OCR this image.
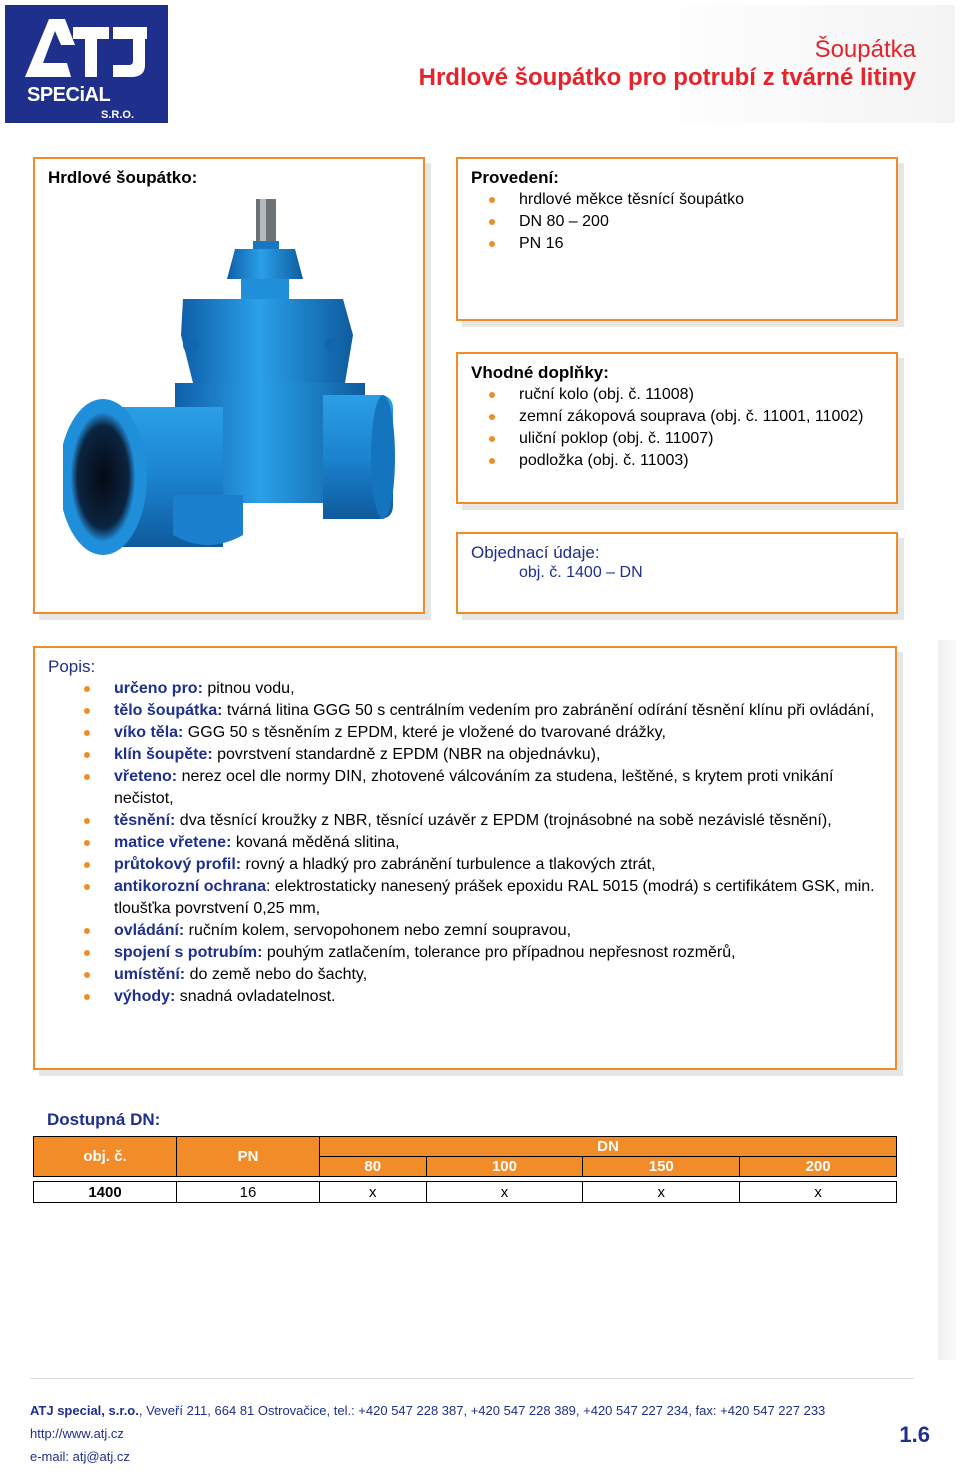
SPECiAL
S.R.O.
Šoupátka
Hrdlové šoupátko pro potrubí z tvárné litiny
Hrdlové šoupátko:	Provedení:
hrdlové měkce těsnící šoupátko
DN 80 – 200
PN 16
Vhodné doplňky:
ruční kolo (obj. č. 11008)
zemní zákopová souprava (obj. č. 11001, 11002)
uliční poklop (obj. č. 11007)
podložka (obj. č. 11003)
Objednací údaje:
obj. č. 1400 – DN
Popis:
určeno pro: pitnou vodu,
tělo šoupátka: tvárná litina GGG 50 s centrálním vedením pro zabránění odírání těsnění klínu při ovládání,
víko těla: GGG 50 s těsněním z EPDM, které je vložené do tvarované drážky,
klín šoupěte: povrstvení standardně z EPDM (NBR na objednávku),
vřeteno: nerez ocel dle normy DIN, zhotovené válcováním za studena, leštěné, s krytem proti vnikání nečistot,
těsnění: dva těsnící kroužky z NBR, těsnící uzávěr z EPDM (trojnásobné na sobě nezávislé těsnění),
matice vřetene: kovaná měděná slitina,
průtokový profil: rovný a hladký pro zabránění turbulence a tlakových ztrát,
antikorozní ochrana: elektrostaticky nanesený prášek epoxidu RAL 5015 (modrá) s certifikátem GSK, min. tloušťka povrstvení 0,25 mm,
ovládání: ručním kolem, servopohonem nebo zemní soupravou,
spojení s potrubím: pouhým zatlačením, tolerance pro případnou nepřesnost rozměrů,
umístění: do země nebo do šachty,
výhody: snadná ovladatelnost.
Dostupná DN:
obj. č.	PN	DN			
		80	100	150	200

1400	16	x	x	x	x
ATJ special, s.r.o., Veveří 211, 664 81 Ostrovačice, tel.: +420 547 228 387, +420 547 228 389, +420 547 227 234, fax: +420 547 227 233
http://www.atj.cz
e-mail: atj@atj.cz
1.6
